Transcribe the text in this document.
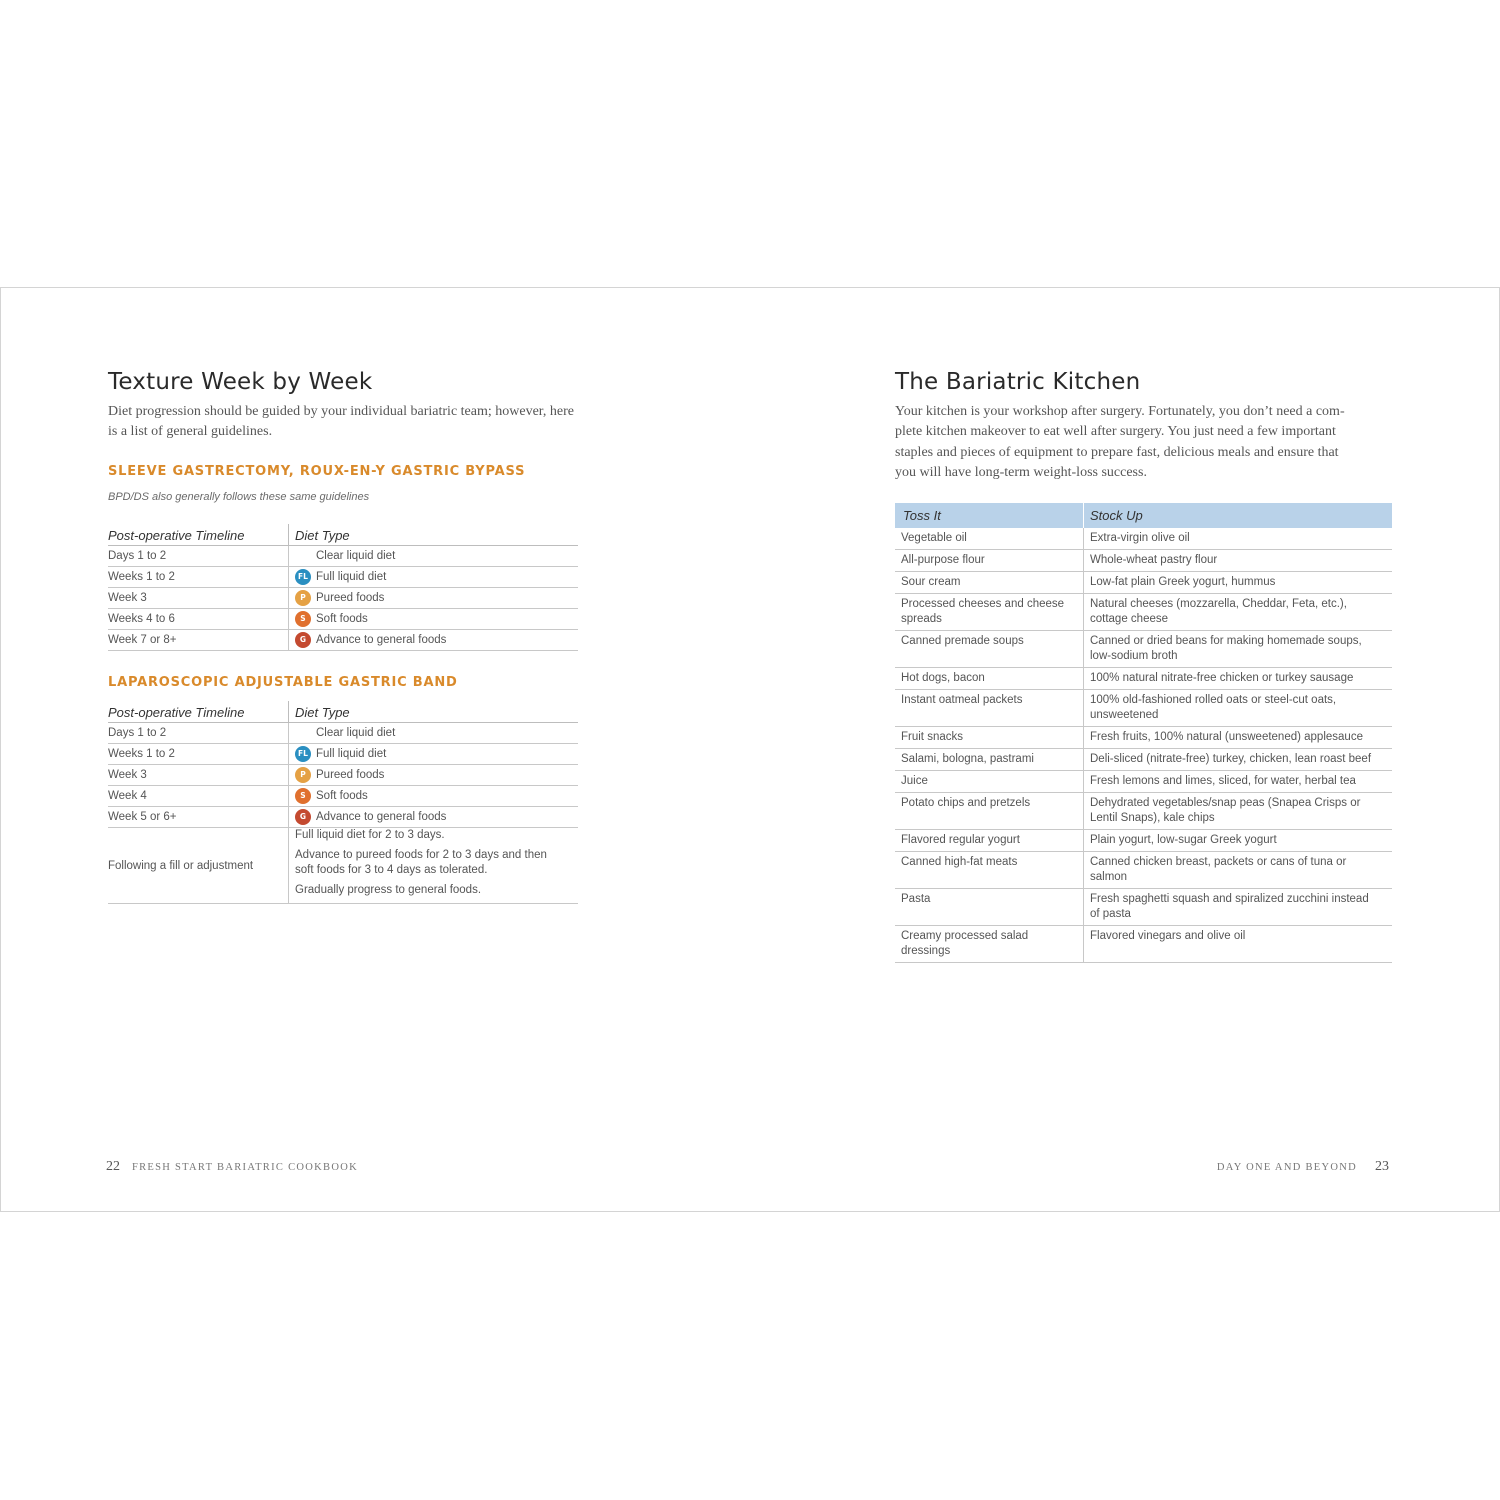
Texture Week by Week
Diet progression should be guided by your individual bariatric team; however, here
is a list of general guidelines.
SLEEVE GASTRECTOMY, ROUX-EN-Y GASTRIC BYPASS
BPD/DS also generally follows these same guidelines
Post-operative Timeline	Diet Type
Days 1 to 2	Clear liquid diet
Weeks 1 to 2	FL Full liquid diet
Week 3	P Pureed foods
Weeks 4 to 6	S Soft foods
Week 7 or 8+	G Advance to general foods
LAPAROSCOPIC ADJUSTABLE GASTRIC BAND
Post-operative Timeline	Diet Type
Days 1 to 2	Clear liquid diet
Weeks 1 to 2	FL Full liquid diet
Week 3	P Pureed foods
Week 4	S Soft foods
Week 5 or 6+	G Advance to general foods
Following a fill or adjustment	Full liquid diet for 2 to 3 days.

Advance to pureed foods for 2 to 3 days and then
soft foods for 3 to 4 days as tolerated.

Gradually progress to general foods.

22 FRESH START BARIATRIC COOKBOOK
The Bariatric Kitchen
Your kitchen is your workshop after surgery. Fortunately, you don’t need a com-
plete kitchen makeover to eat well after surgery. You just need a few important
staples and pieces of equipment to prepare fast, delicious meals and ensure that
you will have long-term weight-loss success.
Toss It	Stock Up
Vegetable oil	Extra-virgin olive oil
All-purpose flour	Whole-wheat pastry flour
Sour cream	Low-fat plain Greek yogurt, hummus
Processed cheeses and cheese
spreads	Natural cheeses (mozzarella, Cheddar, Feta, etc.),
cottage cheese
Canned premade soups	Canned or dried beans for making homemade soups,
low-sodium broth
Hot dogs, bacon	100% natural nitrate-free chicken or turkey sausage
Instant oatmeal packets	100% old-fashioned rolled oats or steel-cut oats,
unsweetened
Fruit snacks	Fresh fruits, 100% natural (unsweetened) applesauce
Salami, bologna, pastrami	Deli-sliced (nitrate-free) turkey, chicken, lean roast beef
Juice	Fresh lemons and limes, sliced, for water, herbal tea
Potato chips and pretzels	Dehydrated vegetables/snap peas (Snapea Crisps or
Lentil Snaps), kale chips
Flavored regular yogurt	Plain yogurt, low-sugar Greek yogurt
Canned high-fat meats	Canned chicken breast, packets or cans of tuna or salmon
Pasta	Fresh spaghetti squash and spiralized zucchini instead
of pasta
Creamy processed salad
dressings	Flavored vinegars and olive oil
DAY ONE AND BEYOND 23
